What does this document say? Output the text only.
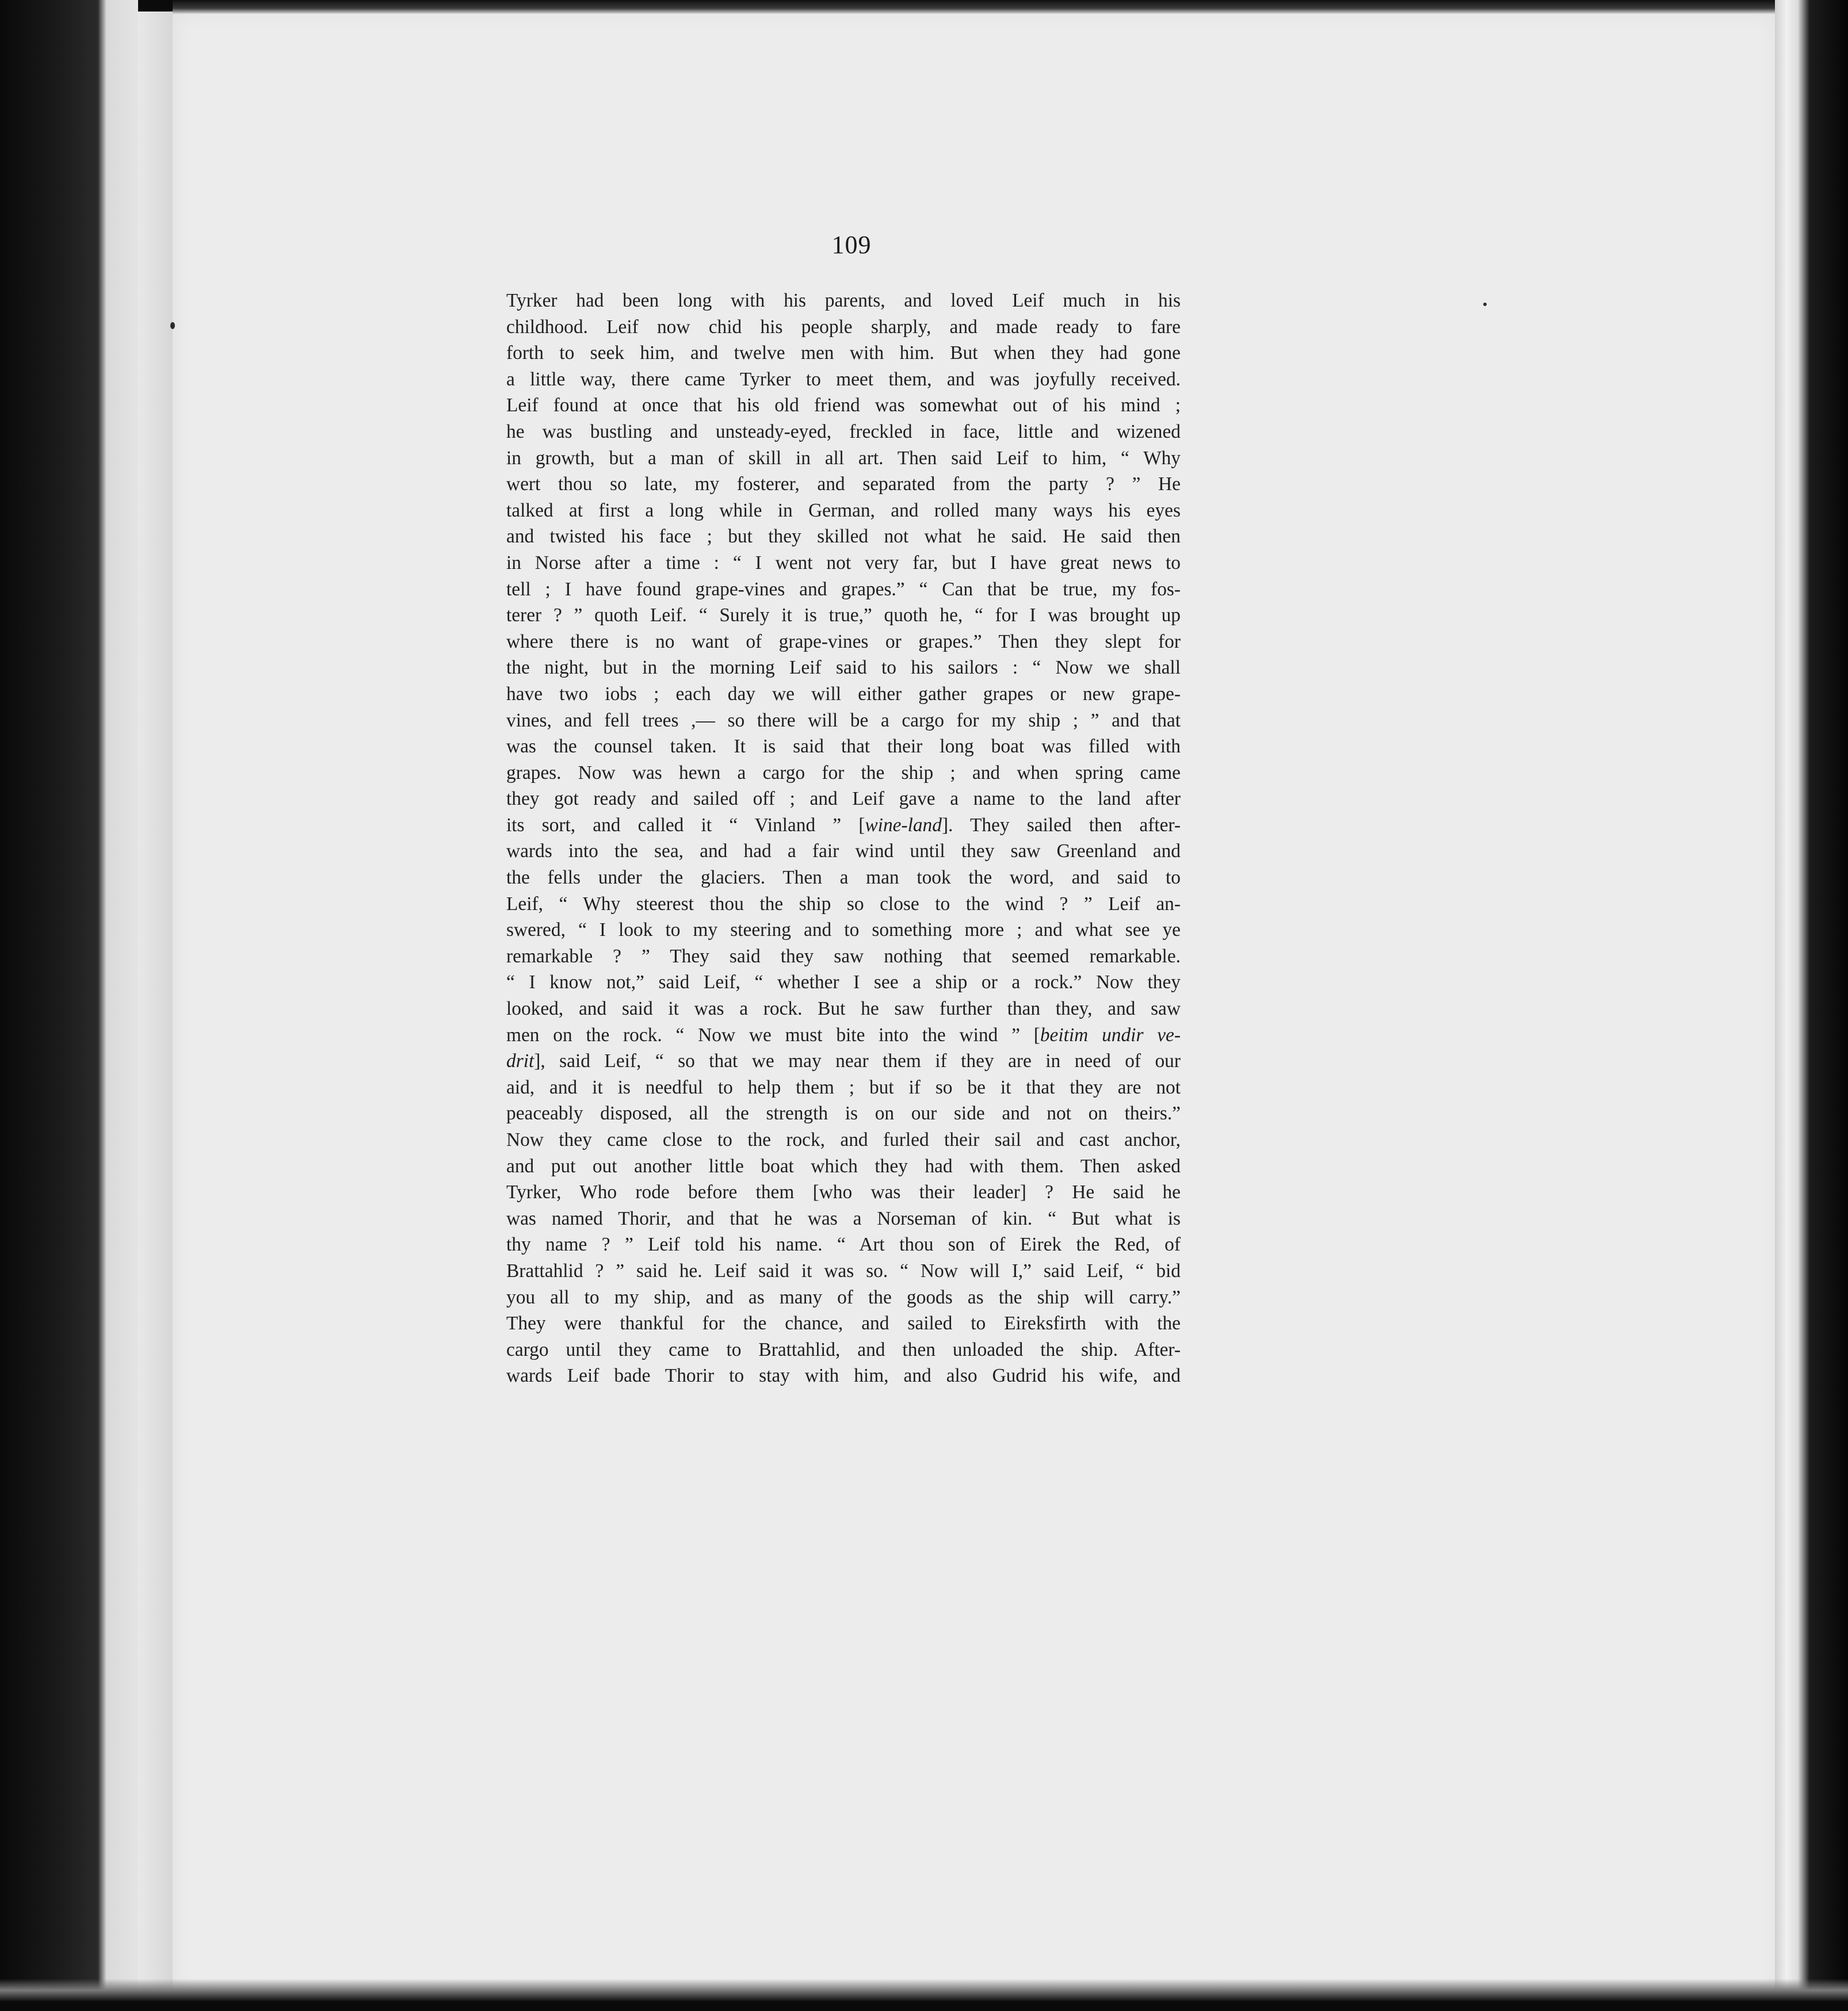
109
Tyrker had been long with his parents, and loved Leif much in his
childhood. Leif now chid his people sharply, and made ready to fare
forth to seek him, and twelve men with him. But when they had gone
a little way, there came Tyrker to meet them, and was joyfully received.
Leif found at once that his old friend was somewhat out of his mind ;
he was bustling and unsteady-eyed, freckled in face, little and wizened
in growth, but a man of skill in all art. Then said Leif to him, “ Why
wert thou so late, my fosterer, and separated from the party ? ” He
talked at first a long while in German, and rolled many ways his eyes
and twisted his face ; but they skilled not what he said. He said then
in Norse after a time : “ I went not very far, but I have great news to
tell ; I have found grape-vines and grapes.” “ Can that be true, my fos-
terer ? ” quoth Leif. “ Surely it is true,” quoth he, “ for I was brought up
where there is no want of grape-vines or grapes.” Then they slept for
the night, but in the morning Leif said to his sailors : “ Now we shall
have two iobs ; each day we will either gather grapes or new grape-
vines, and fell trees ,— so there will be a cargo for my ship ; ” and that
was the counsel taken. It is said that their long boat was filled with
grapes. Now was hewn a cargo for the ship ; and when spring came
they got ready and sailed off ; and Leif gave a name to the land after
its sort, and called it “ Vinland ” [wine-land]. They sailed then after-
wards into the sea, and had a fair wind until they saw Greenland and
the fells under the glaciers. Then a man took the word, and said to
Leif, “ Why steerest thou the ship so close to the wind ? ” Leif an-
swered, “ I look to my steering and to something more ; and what see ye
remarkable ? ” They said they saw nothing that seemed remarkable.
“ I know not,” said Leif, “ whether I see a ship or a rock.” Now they
looked, and said it was a rock. But he saw further than they, and saw
men on the rock. “ Now we must bite into the wind ” [beitim undir ve-
drit], said Leif, “ so that we may near them if they are in need of our
aid, and it is needful to help them ; but if so be it that they are not
peaceably disposed, all the strength is on our side and not on theirs.”
Now they came close to the rock, and furled their sail and cast anchor,
and put out another little boat which they had with them. Then asked
Tyrker, Who rode before them [who was their leader] ? He said he
was named Thorir, and that he was a Norseman of kin. “ But what is
thy name ? ” Leif told his name. “ Art thou son of Eirek the Red, of
Brattahlid ? ” said he. Leif said it was so. “ Now will I,” said Leif, “ bid
you all to my ship, and as many of the goods as the ship will carry.”
They were thankful for the chance, and sailed to Eireksfirth with the
cargo until they came to Brattahlid, and then unloaded the ship. After-
wards Leif bade Thorir to stay with him, and also Gudrid his wife, and
